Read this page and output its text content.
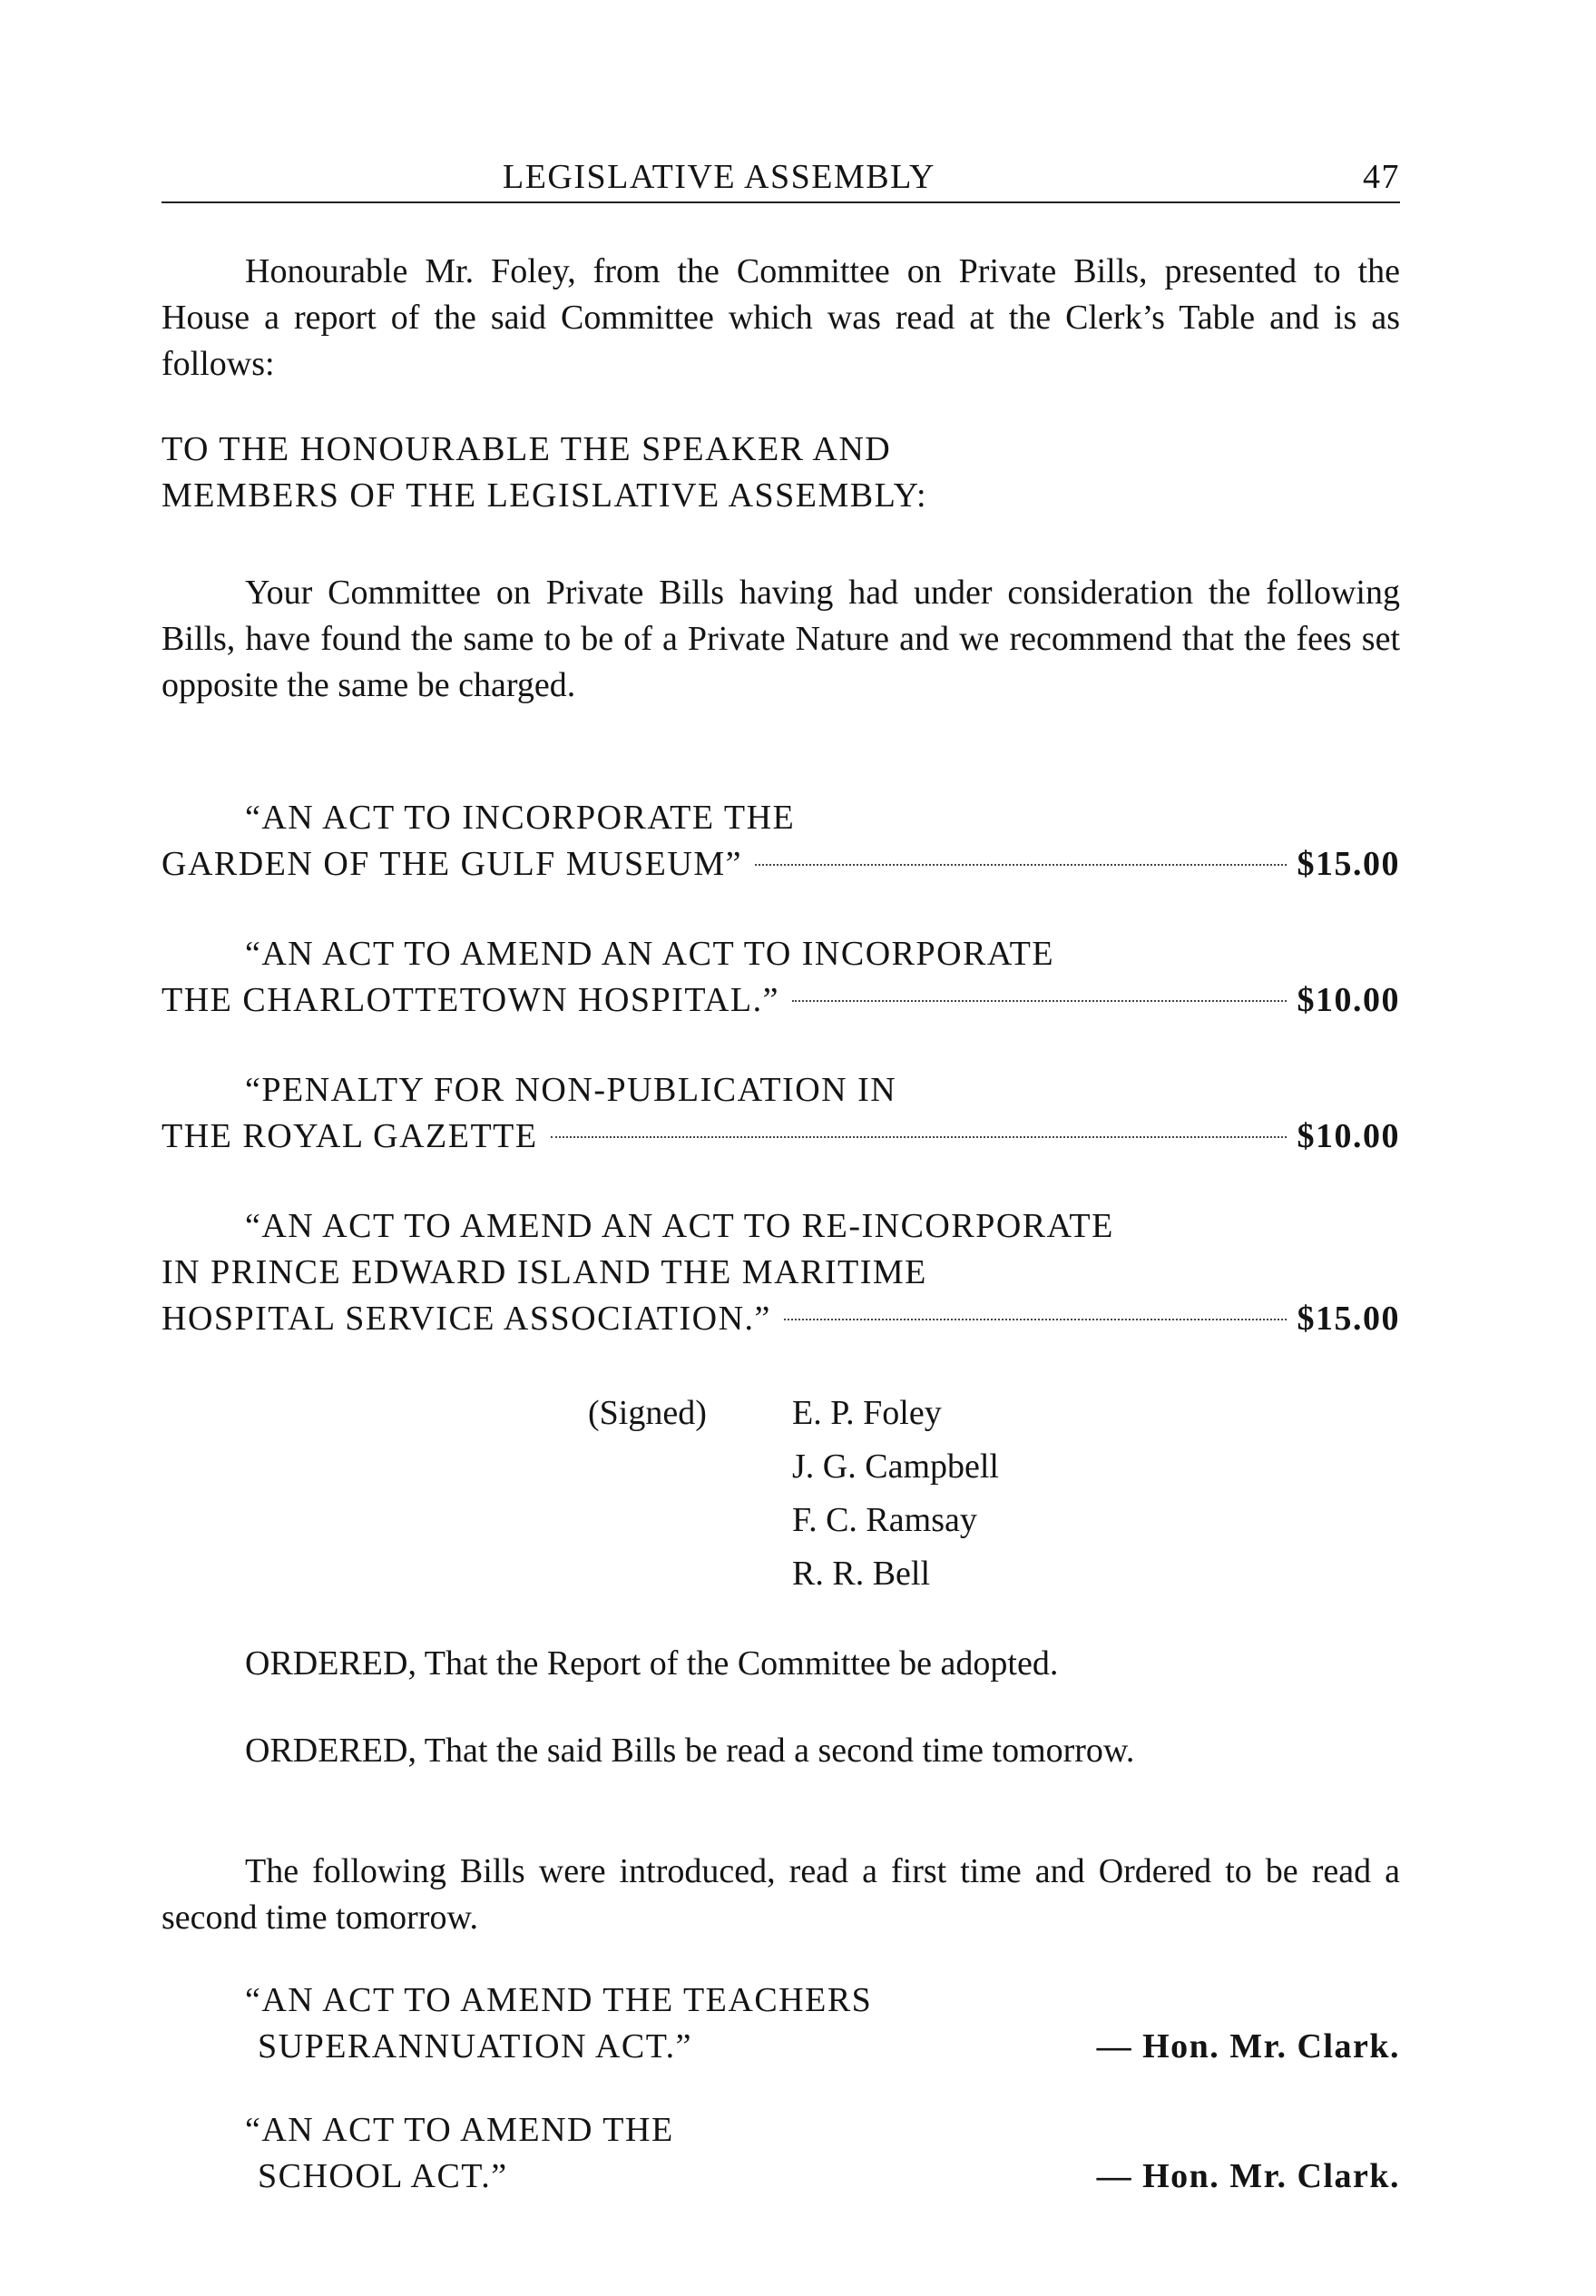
LEGISLATIVE ASSEMBLY	47

Honourable Mr. Foley, from the Committee on Private Bills, presented to the House a report of the said Committee which was read at the Clerk’s Table and is as follows:

TO THE HONOURABLE THE SPEAKER AND
MEMBERS OF THE LEGISLATIVE ASSEMBLY:

Your Committee on Private Bills having had under consideration the following Bills, have found the same to be of a Private Nature and we recommend that the fees set opposite the same be charged.

“AN ACT TO INCORPORATE THE
GARDEN OF THE GULF MUSEUM”	$15.00
“AN ACT TO AMEND AN ACT TO INCORPORATE
THE CHARLOTTETOWN HOSPITAL.”	$10.00
“PENALTY FOR NON-PUBLICATION IN
THE ROYAL GAZETTE	$10.00
“AN ACT TO AMEND AN ACT TO RE-INCORPORATE
IN PRINCE EDWARD ISLAND THE MARITIME
HOSPITAL SERVICE ASSOCIATION.”	$15.00
(Signed) E. P. Foley
J. G. Campbell
F. C. Ramsay
R. R. Bell

ORDERED, That the Report of the Committee be adopted.

ORDERED, That the said Bills be read a second time tomorrow.

The following Bills were introduced, read a first time and Ordered to be read a second time tomorrow.

“AN ACT TO AMEND THE TEACHERS
SUPERANNUATION ACT.”	— Hon. Mr. Clark.
“AN ACT TO AMEND THE
SCHOOL ACT.”	— Hon. Mr. Clark.
